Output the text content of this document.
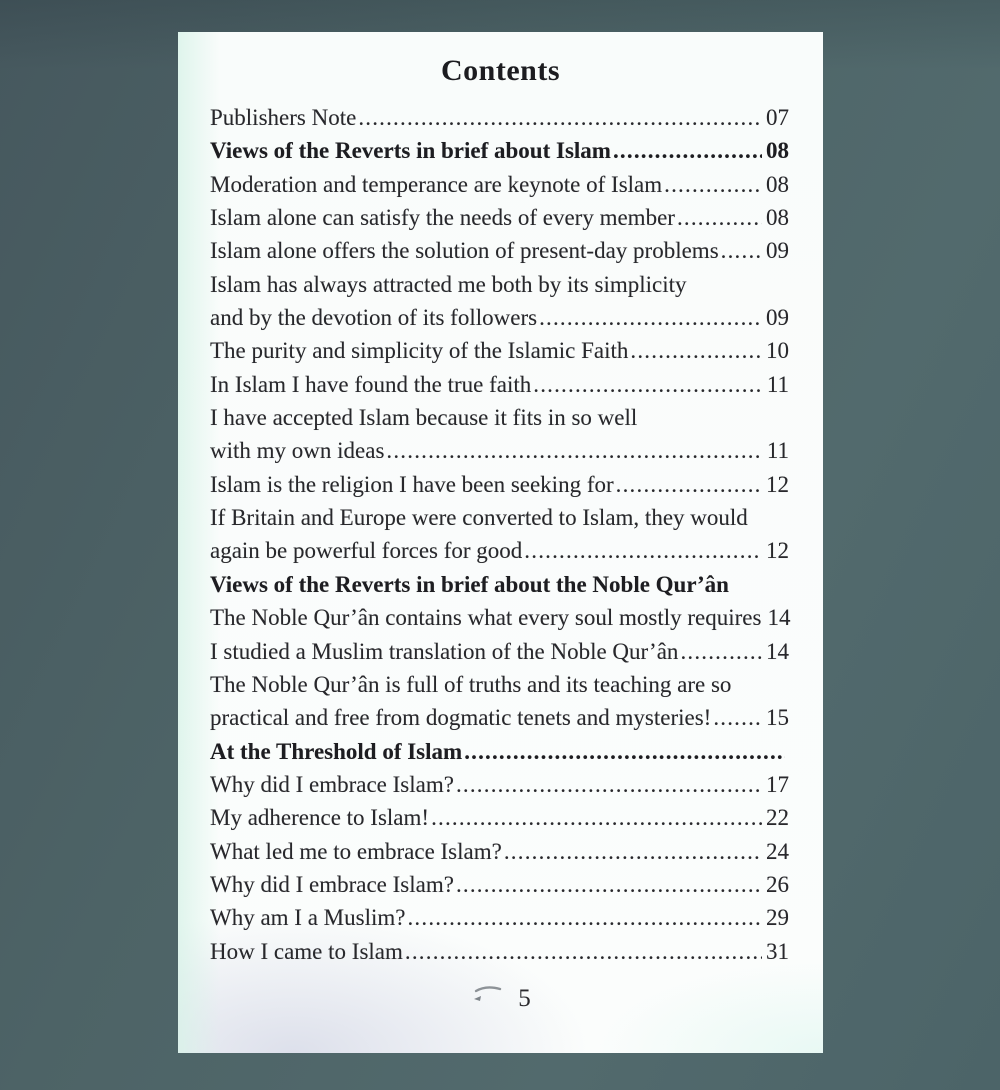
Contents
Publishers Note .....	07
Views of the Reverts in brief about Islam .....	08
Moderation and temperance are keynote of Islam .....	08
Islam alone can satisfy the needs of every member .....	08
Islam alone offers the solution of present-day problems ..... 09
Islam has always attracted me both by its simplicity
and by the devotion of its followers .....	09
The purity and simplicity of the Islamic Faith .....	10
In Islam I have found the true faith .....	11
I have accepted Islam because it fits in so well
with my own ideas .....	11
Islam is the religion I have been seeking for .....	12
If Britain and Europe were converted to Islam, they would
again be powerful forces for good .....	12
Views of the Reverts in brief about the Noble Qur’ân
The Noble Qur’ân contains what every soul mostly requires 14
I studied a Muslim translation of the Noble Qur’ân .....	14
The Noble Qur’ân is full of truths and its teaching are so
practical and free from dogmatic tenets and mysteries! ..... 15
At the Threshold of Islam
.....
Why did I embrace Islam? .....	17
My adherence to Islam! .....	22
What led me to embrace Islam? .....	24
Why did I embrace Islam? .....	26
Why am I a Muslim? .....	29
How I came to Islam .....	31
5
